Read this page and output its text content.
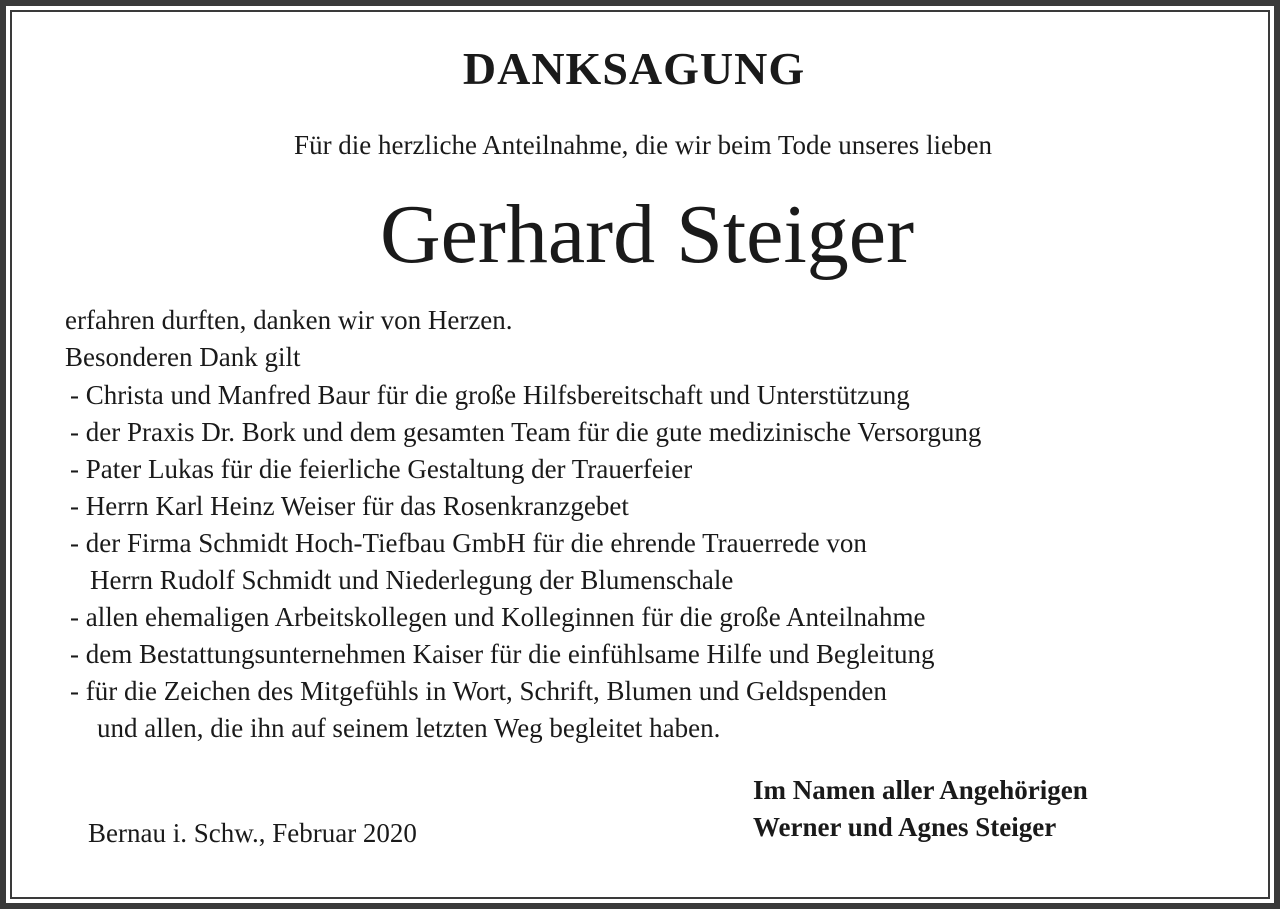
DANKSAGUNG

Für die herzliche Anteilnahme, die wir beim Tode unseres lieben

Gerhard Steiger

erfahren durften, danken wir von Herzen.

Besonderen Dank gilt

- Christa und Manfred Baur für die große Hilfsbereitschaft und Unterstützung

- der Praxis Dr. Bork und dem gesamten Team für die gute medizinische Versorgung

- Pater Lukas für die feierliche Gestaltung der Trauerfeier

- Herrn Karl Heinz Weiser für das Rosenkranzgebet

- der Firma Schmidt Hoch-Tiefbau GmbH für die ehrende Trauerrede von

Herrn Rudolf Schmidt und Niederlegung der Blumenschale

- allen ehemaligen Arbeitskollegen und Kolleginnen für die große Anteilnahme

- dem Bestattungsunternehmen Kaiser für die einfühlsame Hilfe und Begleitung

- für die Zeichen des Mitgefühls in Wort, Schrift, Blumen und Geldspenden

und allen, die ihn auf seinem letzten Weg begleitet haben.

Bernau i. Schw., Februar 2020

Im Namen aller Angehörigen

Werner und Agnes Steiger
